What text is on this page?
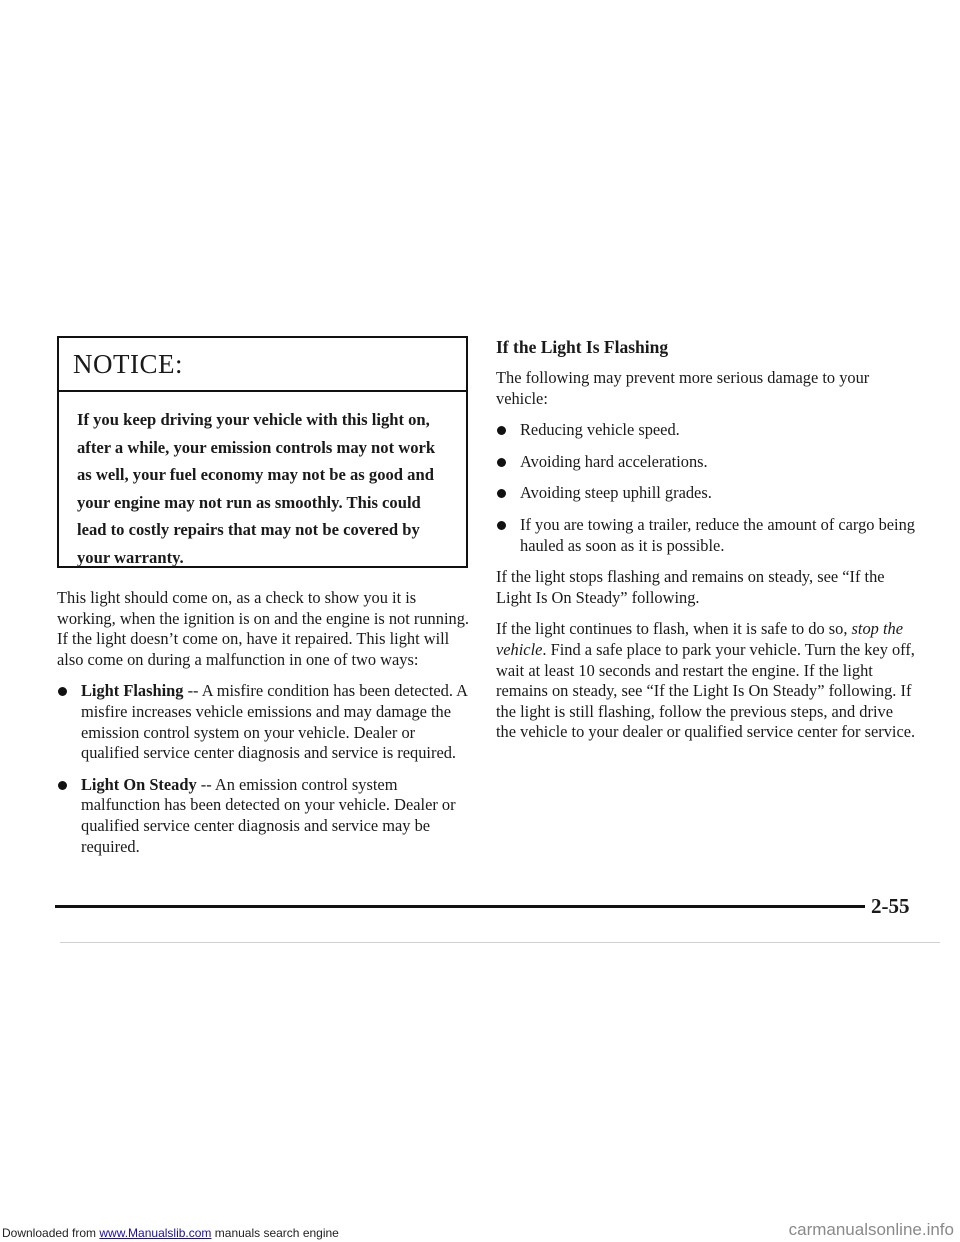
NOTICE:
If you keep driving your vehicle with this light on, after a while, your emission controls may not work as well, your fuel economy may not be as good and your engine may not run as smoothly. This could lead to costly repairs that may not be covered by your warranty.

This light should come on, as a check to show you it is working, when the ignition is on and the engine is not running. If the light doesn’t come on, have it repaired. This light will also come on during a malfunction in one of two ways:

Light Flashing -- A misfire condition has been detected. A misfire increases vehicle emissions and may damage the emission control system on your vehicle. Dealer or qualified service center diagnosis and service is required.
Light On Steady -- An emission control system malfunction has been detected on your vehicle. Dealer or qualified service center diagnosis and service may be required.
If the Light Is Flashing

The following may prevent more serious damage to your vehicle:

Reducing vehicle speed.
Avoiding hard accelerations.
Avoiding steep uphill grades.
If you are towing a trailer, reduce the amount of cargo being hauled as soon as it is possible.

If the light stops flashing and remains on steady, see “If the Light Is On Steady” following.

If the light continues to flash, when it is safe to do so, stop the vehicle. Find a safe place to park your vehicle. Turn the key off, wait at least 10 seconds and restart the engine. If the light remains on steady, see “If the Light Is On Steady” following. If the light is still flashing, follow the previous steps, and drive the vehicle to your dealer or qualified service center for service.

2-55
Downloaded from www.Manualslib.com manuals search engine	carmanualsonline.info
